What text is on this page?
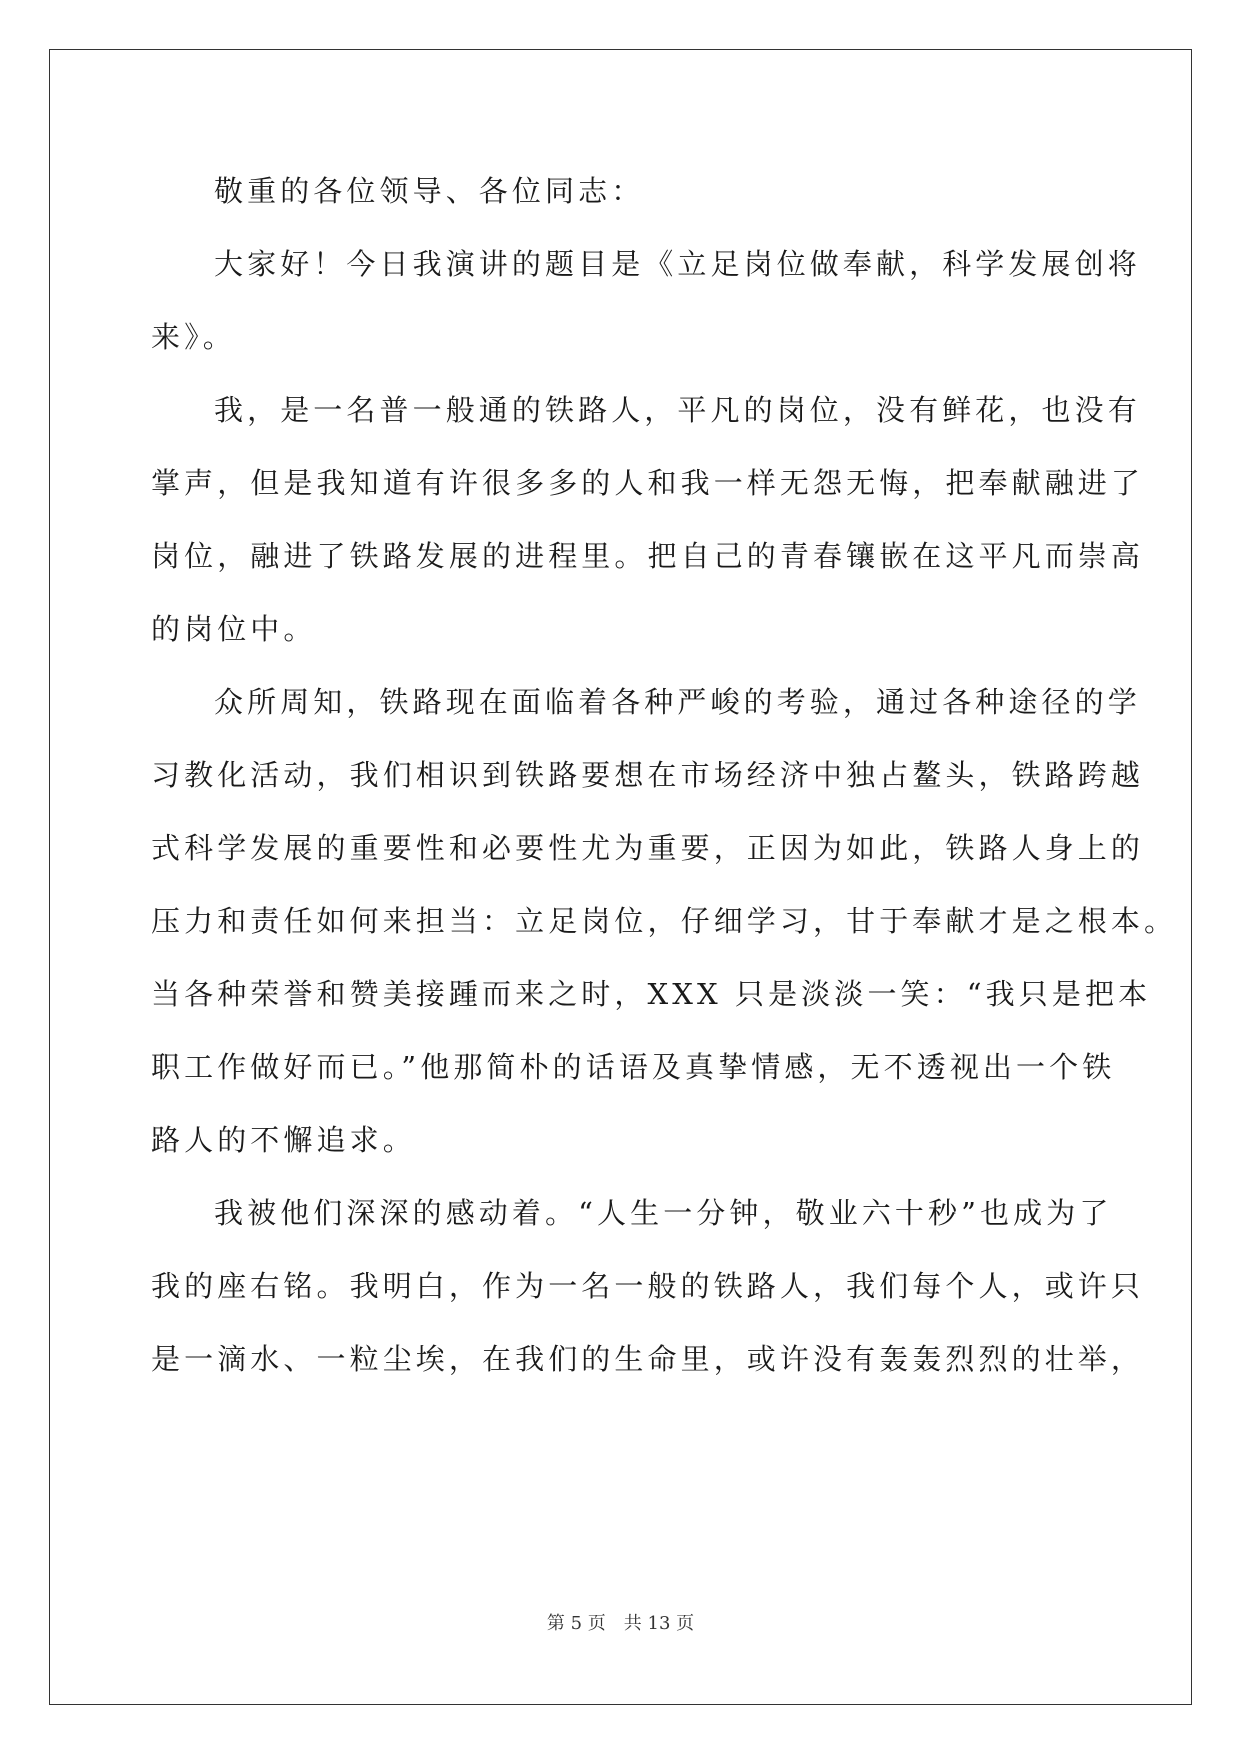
敬重的各位领导、各位同志：
大家好！今日我演讲的题目是《立足岗位做奉献，科学发展创将
来》。
我，是一名普一般通的铁路人，平凡的岗位，没有鲜花，也没有
掌声，但是我知道有许很多多的人和我一样无怨无悔，把奉献融进了
岗位，融进了铁路发展的进程里。把自己的青春镶嵌在这平凡而崇高
的岗位中。
众所周知，铁路现在面临着各种严峻的考验，通过各种途径的学
习教化活动，我们相识到铁路要想在市场经济中独占鳌头，铁路跨越
式科学发展的重要性和必要性尤为重要，正因为如此，铁路人身上的
压力和责任如何来担当：立足岗位，仔细学习，甘于奉献才是之根本。
当各种荣誉和赞美接踵而来之时，XXX 只是淡淡一笑：“我只是把本
职工作做好而已。”他那简朴的话语及真挚情感，无不透视出一个铁
路人的不懈追求。
我被他们深深的感动着。“人生一分钟，敬业六十秒”也成为了
我的座右铭。我明白，作为一名一般的铁路人，我们每个人，或许只
是一滴水、一粒尘埃，在我们的生命里，或许没有轰轰烈烈的壮举，
第 5 页 共 13 页
